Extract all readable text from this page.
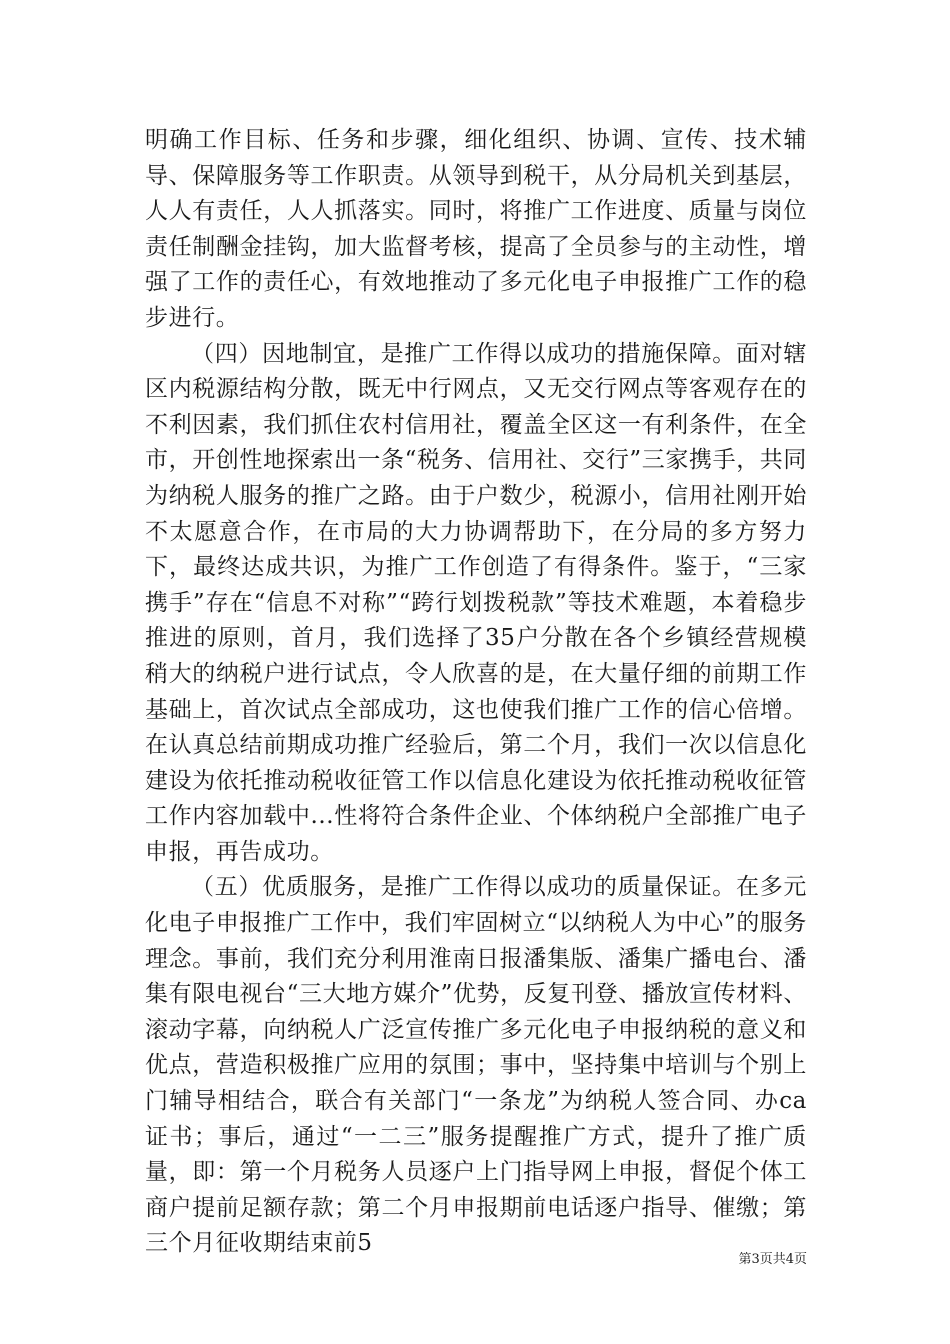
明确工作目标、任务和步骤，细化组织、协调、宣传、技术辅导、保障服务等工作职责。从领导到税干，从分局机关到基层，人人有责任，人人抓落实。同时，将推广工作进度、质量与岗位责任制酬金挂钩，加大监督考核，提高了全员参与的主动性，增强了工作的责任心，有效地推动了多元化电子申报推广工作的稳步进行。

（四）因地制宜，是推广工作得以成功的措施保障。面对辖区内税源结构分散，既无中行网点，又无交行网点等客观存在的不利因素，我们抓住农村信用社，覆盖全区这一有利条件，在全市，开创性地探索出一条“税务、信用社、交行”三家携手，共同为纳税人服务的推广之路。由于户数少，税源小，信用社刚开始不太愿意合作，在市局的大力协调帮助下，在分局的多方努力下，最终达成共识，为推广工作创造了有得条件。鉴于，“三家携手”存在“信息不对称”“跨行划拨税款”等技术难题，本着稳步推进的原则，首月，我们选择了35户分散在各个乡镇经营规模稍大的纳税户进行试点，令人欣喜的是，在大量仔细的前期工作基础上，首次试点全部成功，这也使我们推广工作的信心倍增。在认真总结前期成功推广经验后，第二个月，我们一次以信息化建设为依托推动税收征管工作以信息化建设为依托推动税收征管工作内容加载中...性将符合条件企业、个体纳税户全部推广电子申报，再告成功。

（五）优质服务，是推广工作得以成功的质量保证。在多元化电子申报推广工作中，我们牢固树立“以纳税人为中心”的服务理念。事前，我们充分利用淮南日报潘集版、潘集广播电台、潘集有限电视台“三大地方媒介”优势，反复刊登、播放宣传材料、滚动字幕，向纳税人广泛宣传推广多元化电子申报纳税的意义和优点，营造积极推广应用的氛围；事中，坚持集中培训与个别上门辅导相结合，联合有关部门“一条龙”为纳税人签合同、办ca证书；事后，通过“一二三”服务提醒推广方式，提升了推广质量，即：第一个月税务人员逐户上门指导网上申报，督促个体工商户提前足额存款；第二个月申报期前电话逐户指导、催缴；第三个月征收期结束前5

第3页共4页
